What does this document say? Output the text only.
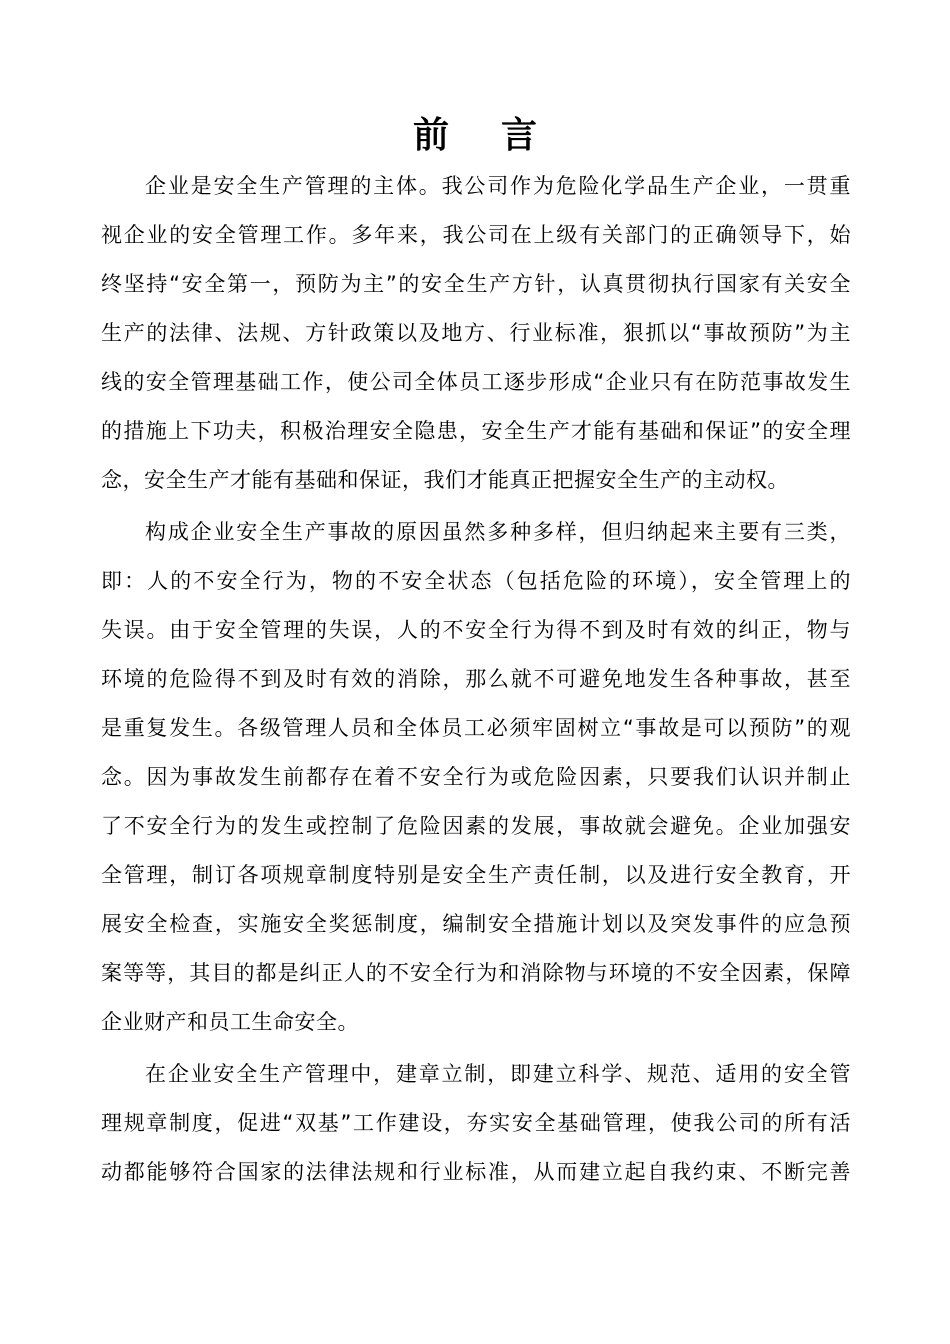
前 言

企业是安全生产管理的主体。我公司作为危险化学品生产企业，一贯重
视企业的安全管理工作。多年来，我公司在上级有关部门的正确领导下，始
终坚持“安全第一，预防为主”的安全生产方针，认真贯彻执行国家有关安全
生产的法律、法规、方针政策以及地方、行业标准，狠抓以“事故预防”为主
线的安全管理基础工作，使公司全体员工逐步形成“企业只有在防范事故发生
的措施上下功夫，积极治理安全隐患，安全生产才能有基础和保证”的安全理
念，安全生产才能有基础和保证，我们才能真正把握安全生产的主动权。

构成企业安全生产事故的原因虽然多种多样，但归纳起来主要有三类，
即：人的不安全行为，物的不安全状态（包括危险的环境），安全管理上的
失误。由于安全管理的失误，人的不安全行为得不到及时有效的纠正，物与
环境的危险得不到及时有效的消除，那么就不可避免地发生各种事故，甚至
是重复发生。各级管理人员和全体员工必须牢固树立“事故是可以预防”的观
念。因为事故发生前都存在着不安全行为或危险因素，只要我们认识并制止
了不安全行为的发生或控制了危险因素的发展，事故就会避免。企业加强安
全管理，制订各项规章制度特别是安全生产责任制，以及进行安全教育，开
展安全检查，实施安全奖惩制度，编制安全措施计划以及突发事件的应急预
案等等，其目的都是纠正人的不安全行为和消除物与环境的不安全因素，保障
企业财产和员工生命安全。

在企业安全生产管理中，建章立制，即建立科学、规范、适用的安全管
理规章制度，促进“双基”工作建设，夯实安全基础管理，使我公司的所有活
动都能够符合国家的法律法规和行业标准，从而建立起自我约束、不断完善
